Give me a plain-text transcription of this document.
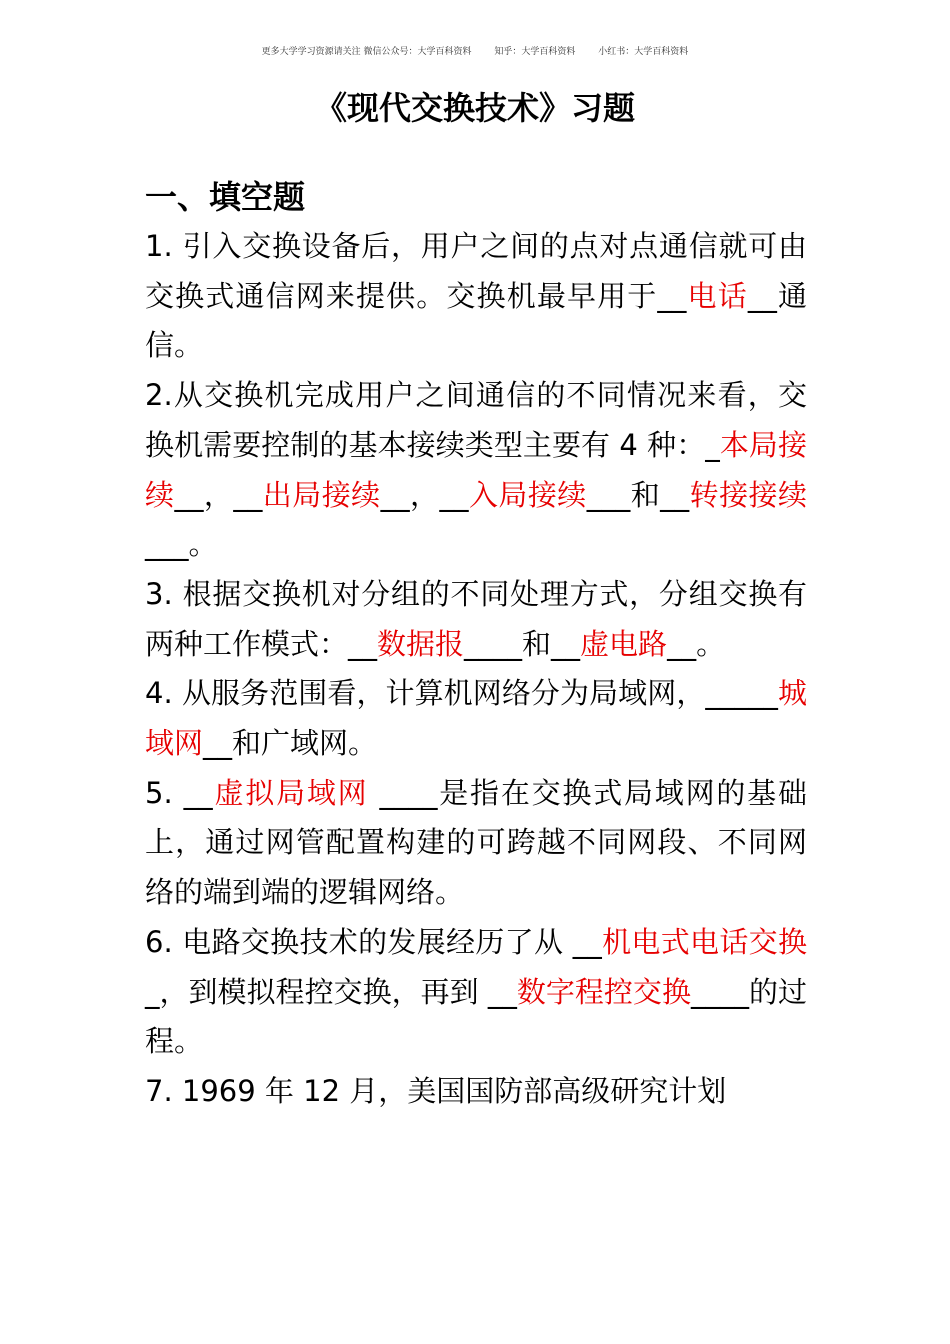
更多大学学习资源请关注 微信公众号：大学百科资料        知乎：大学百科资料        小红书：大学百科资料
《现代交换技术》习题

一、填空题

1. 引入交换设备后，用户之间的点对点通信就可由交换式通信网来提供。交换机最早用于__电话__通信。

2.从交换机完成用户之间通信的不同情况来看，交换机需要控制的基本接续类型主要有 4 种：_本局接续__，__出局接续__，__入局接续___和__转接接续___。

3. 根据交换机对分组的不同处理方式，分组交换有两种工作模式：__数据报____和__虚电路__。

4. 从服务范围看，计算机网络分为局域网，_____城域网__和广域网。

5. __虚拟局域网 ____是指在交换式局域网的基础上，通过网管配置构建的可跨越不同网段、不同网络的端到端的逻辑网络。

6. 电路交换技术的发展经历了从 __机电式电话交换_，到模拟程控交换，再到 __数字程控交换____的过程。

7. 1969 年 12 月，美国国防部高级研究计划
